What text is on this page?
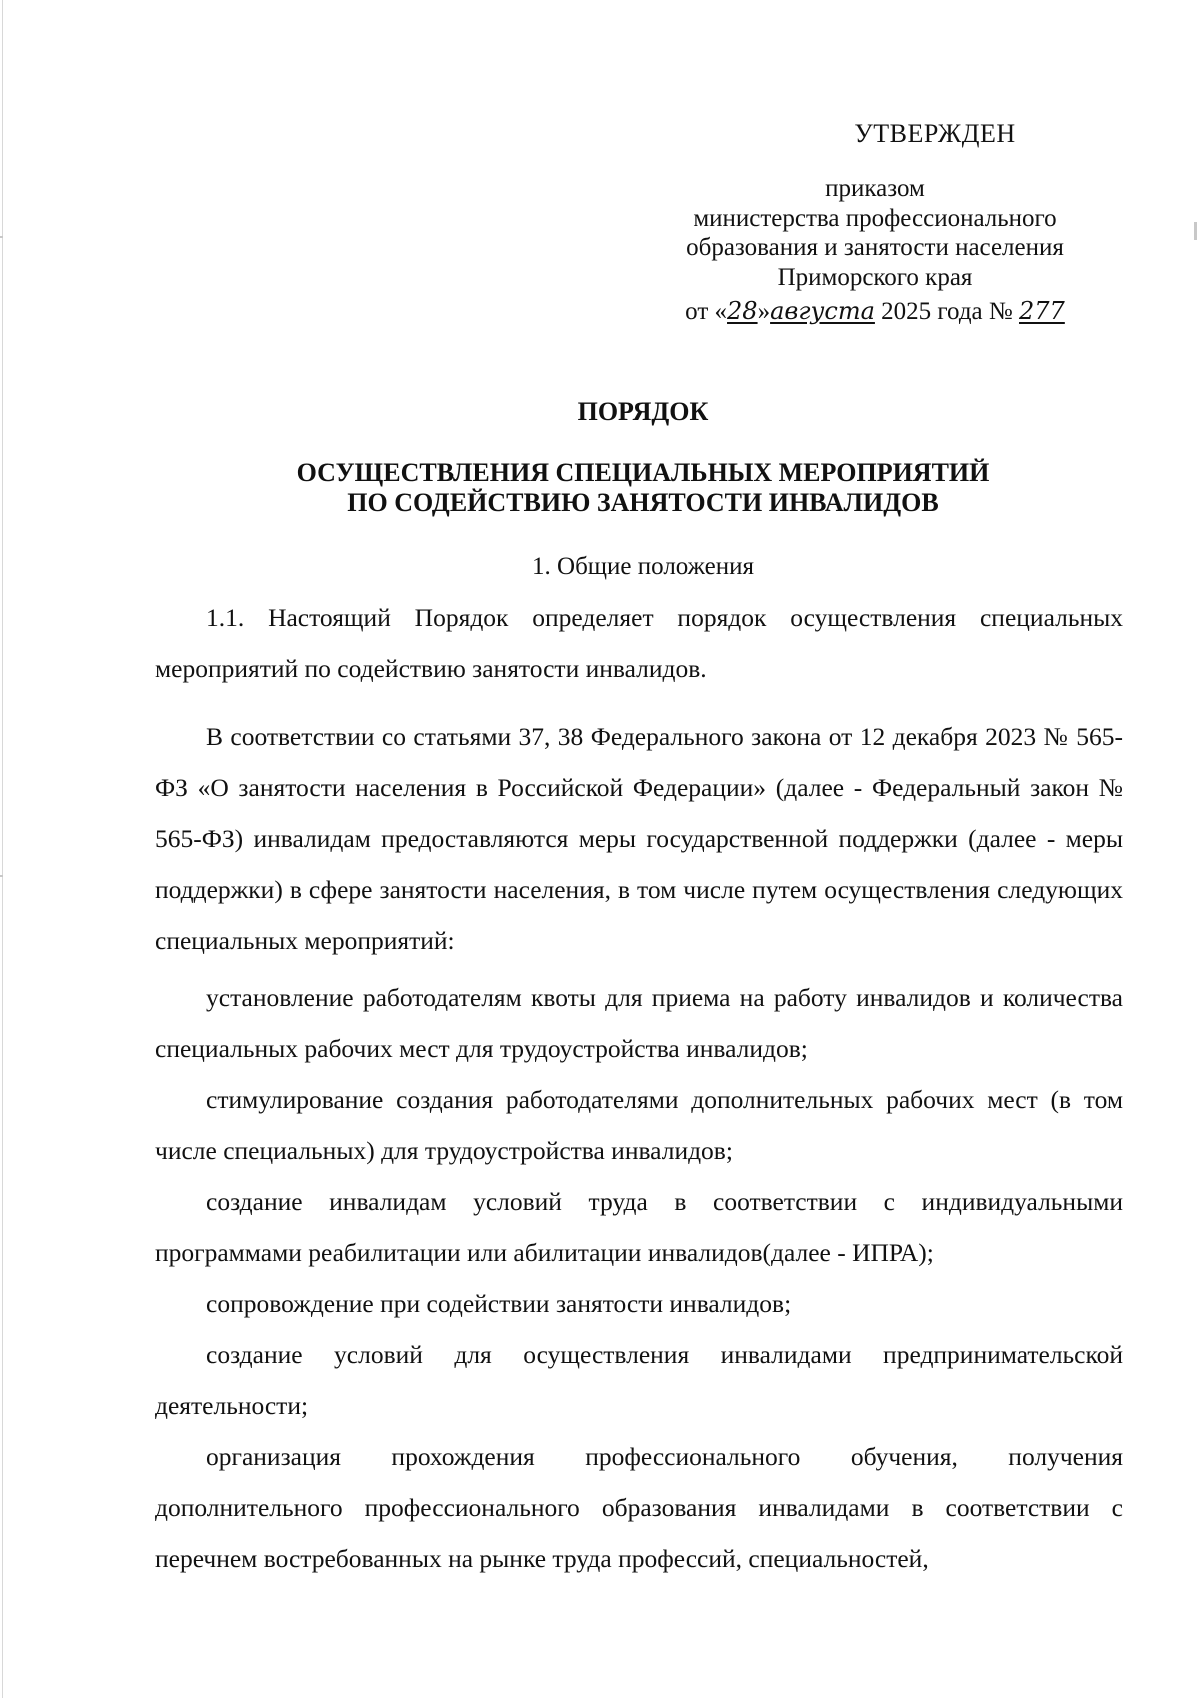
УТВЕРЖДЕН
приказом
министерства профессионального
образования и занятости населения
Приморского края
от «28»августа 2025 года № 277
ПОРЯДОК
ОСУЩЕСТВЛЕНИЯ СПЕЦИАЛЬНЫХ МЕРОПРИЯТИЙ
ПО СОДЕЙСТВИЮ ЗАНЯТОСТИ ИНВАЛИДОВ
1. Общие положения

1.1. Настоящий Порядок определяет порядок осуществления специальных мероприятий по содействию занятости инвалидов.

В соответствии со статьями 37, 38 Федерального закона от 12 декабря 2023 № 565-ФЗ «О занятости населения в Российской Федерации» (далее - Федеральный закон № 565-ФЗ) инвалидам предоставляются меры государственной поддержки (далее - меры поддержки) в сфере занятости населения, в том числе путем осуществления следующих специальных мероприятий:

установление работодателям квоты для приема на работу инвалидов и количества специальных рабочих мест для трудоустройства инвалидов;

стимулирование создания работодателями дополнительных рабочих мест (в том числе специальных) для трудоустройства инвалидов;

создание инвалидам условий труда в соответствии с индивидуальными программами реабилитации или абилитации инвалидов(далее - ИПРА);

сопровождение при содействии занятости инвалидов;

создание условий для осуществления инвалидами предпринимательской деятельности;

организация прохождения профессионального обучения, получения дополнительного профессионального образования инвалидами в соответствии с перечнем востребованных на рынке труда профессий, специальностей,
